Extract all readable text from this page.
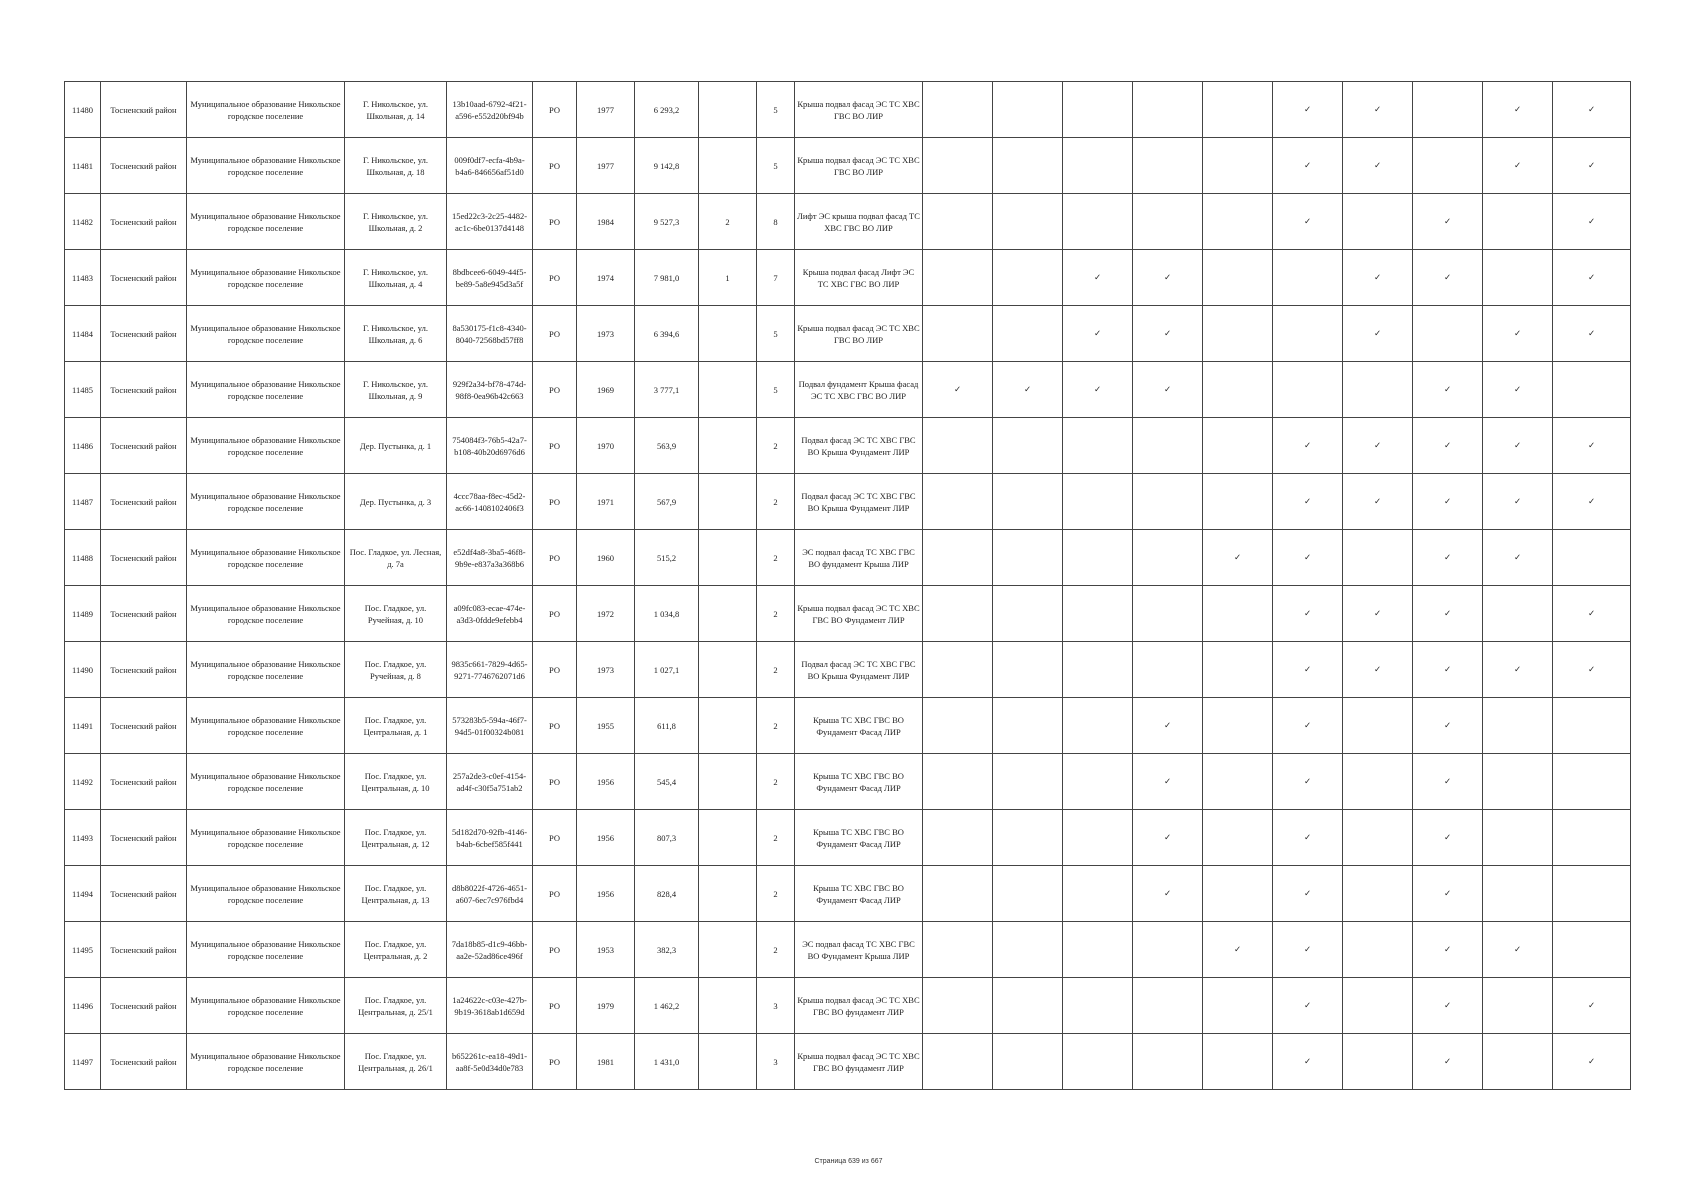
11480	Тосненский район	Муниципальное образование Никольское городское поселение	Г. Никольское, ул. Школьная, д. 14	13b10aad-6792-4f21-a596-e552d20bf94b	РО	1977	6 293,2		5	Крыша подвал фасад ЭС ТС ХВС ГВС ВО ЛИР						✓	✓		✓	✓
11481	Тосненский район	Муниципальное образование Никольское городское поселение	Г. Никольское, ул. Школьная, д. 18	009f0df7-ecfa-4b9a-b4a6-846656af51d0	РО	1977	9 142,8		5	Крыша подвал фасад ЭС ТС ХВС ГВС ВО ЛИР						✓	✓		✓	✓
11482	Тосненский район	Муниципальное образование Никольское городское поселение	Г. Никольское, ул. Школьная, д. 2	15ed22c3-2c25-4482-ac1c-6be0137d4148	РО	1984	9 527,3	2	8	Лифт ЭС крыша подвал фасад ТС ХВС ГВС ВО ЛИР						✓		✓		✓
11483	Тосненский район	Муниципальное образование Никольское городское поселение	Г. Никольское, ул. Школьная, д. 4	8bdbcee6-6049-44f5-be89-5a8e945d3a5f	РО	1974	7 981,0	1	7	Крыша подвал фасад Лифт ЭС ТС ХВС ГВС ВО ЛИР			✓	✓			✓	✓		✓
11484	Тосненский район	Муниципальное образование Никольское городское поселение	Г. Никольское, ул. Школьная, д. 6	8a530175-f1c8-4340-8040-72568bd57ff8	РО	1973	6 394,6		5	Крыша подвал фасад ЭС ТС ХВС ГВС ВО ЛИР			✓	✓			✓		✓	✓
11485	Тосненский район	Муниципальное образование Никольское городское поселение	Г. Никольское, ул. Школьная, д. 9	929f2a34-bf78-474d-98f8-0ea96b42c663	РО	1969	3 777,1		5	Подвал фундамент Крыша фасад ЭС ТС ХВС ГВС ВО ЛИР	✓	✓	✓	✓				✓	✓	
11486	Тосненский район	Муниципальное образование Никольское городское поселение	Дер. Пустынка, д. 1	754084f3-76b5-42a7-b108-40b20d6976d6	РО	1970	563,9		2	Подвал фасад ЭС ТС ХВС ГВС ВО Крыша Фундамент ЛИР						✓	✓	✓	✓	✓
11487	Тосненский район	Муниципальное образование Никольское городское поселение	Дер. Пустынка, д. 3	4ccc78aa-f8ec-45d2-ac66-1408102406f3	РО	1971	567,9		2	Подвал фасад ЭС ТС ХВС ГВС ВО Крыша Фундамент ЛИР						✓	✓	✓	✓	✓
11488	Тосненский район	Муниципальное образование Никольское городское поселение	Пос. Гладкое, ул. Лесная, д. 7а	e52df4a8-3ba5-46f8-9b9e-e837a3a368b6	РО	1960	515,2		2	ЭС подвал фасад ТС ХВС ГВС ВО фундамент Крыша ЛИР					✓	✓		✓	✓	
11489	Тосненский район	Муниципальное образование Никольское городское поселение	Пос. Гладкое, ул. Ручейная, д. 10	a09fc083-ecae-474e-a3d3-0fdde9efebb4	РО	1972	1 034,8		2	Крыша подвал фасад ЭС ТС ХВС ГВС ВО Фундамент ЛИР						✓	✓	✓		✓
11490	Тосненский район	Муниципальное образование Никольское городское поселение	Пос. Гладкое, ул. Ручейная, д. 8	9835c661-7829-4d65-9271-7746762071d6	РО	1973	1 027,1		2	Подвал фасад ЭС ТС ХВС ГВС ВО Крыша Фундамент ЛИР						✓	✓	✓	✓	✓
11491	Тосненский район	Муниципальное образование Никольское городское поселение	Пос. Гладкое, ул. Центральная, д. 1	573283b5-594a-46f7-94d5-01f00324b081	РО	1955	611,8		2	Крыша ТС ХВС ГВС ВО Фундамент Фасад ЛИР				✓		✓		✓		
11492	Тосненский район	Муниципальное образование Никольское городское поселение	Пос. Гладкое, ул. Центральная, д. 10	257a2de3-c0ef-4154-ad4f-c30f5a751ab2	РО	1956	545,4		2	Крыша ТС ХВС ГВС ВО Фундамент Фасад ЛИР				✓		✓		✓		
11493	Тосненский район	Муниципальное образование Никольское городское поселение	Пос. Гладкое, ул. Центральная, д. 12	5d182d70-92fb-4146-b4ab-6cbef585f441	РО	1956	807,3		2	Крыша ТС ХВС ГВС ВО Фундамент Фасад ЛИР				✓		✓		✓		
11494	Тосненский район	Муниципальное образование Никольское городское поселение	Пос. Гладкое, ул. Центральная, д. 13	d8b8022f-4726-4651-a607-6ec7c976fbd4	РО	1956	828,4		2	Крыша ТС ХВС ГВС ВО Фундамент Фасад ЛИР				✓		✓		✓		
11495	Тосненский район	Муниципальное образование Никольское городское поселение	Пос. Гладкое, ул. Центральная, д. 2	7da18b85-d1c9-46bb-aa2e-52ad86ce496f	РО	1953	382,3		2	ЭС подвал фасад ТС ХВС ГВС ВО Фундамент Крыша ЛИР					✓	✓		✓	✓	
11496	Тосненский район	Муниципальное образование Никольское городское поселение	Пос. Гладкое, ул. Центральная, д. 25/1	1a24622c-c03e-427b-9b19-3618ab1d659d	РО	1979	1 462,2		3	Крыша подвал фасад ЭС ТС ХВС ГВС ВО фундамент ЛИР						✓		✓		✓
11497	Тосненский район	Муниципальное образование Никольское городское поселение	Пос. Гладкое, ул. Центральная, д. 26/1	b652261c-ea18-49d1-aa8f-5e0d34d0e783	РО	1981	1 431,0		3	Крыша подвал фасад ЭС ТС ХВС ГВС ВО фундамент ЛИР						✓		✓		✓
Страница 639 из 667
